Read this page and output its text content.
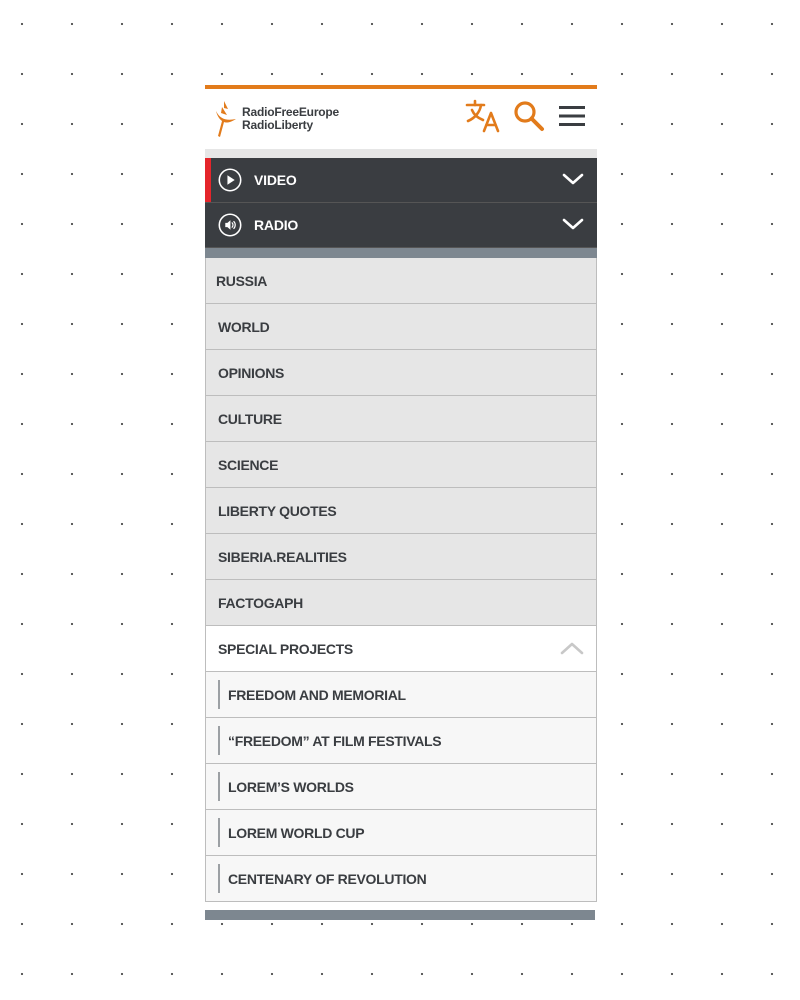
RadioFreeEurope
RadioLiberty
VIDEO
RADIO
RUSSIA
WORLD
OPINIONS
CULTURE
SCIENCE
LIBERTY QUOTES
SIBERIA.REALITIES
FACTOGAPH
SPECIAL PROJECTS
FREEDOM AND MEMORIAL
“FREEDOM” AT FILM FESTIVALS
LOREM’S WORLDS
LOREM WORLD CUP
CENTENARY OF REVOLUTION
